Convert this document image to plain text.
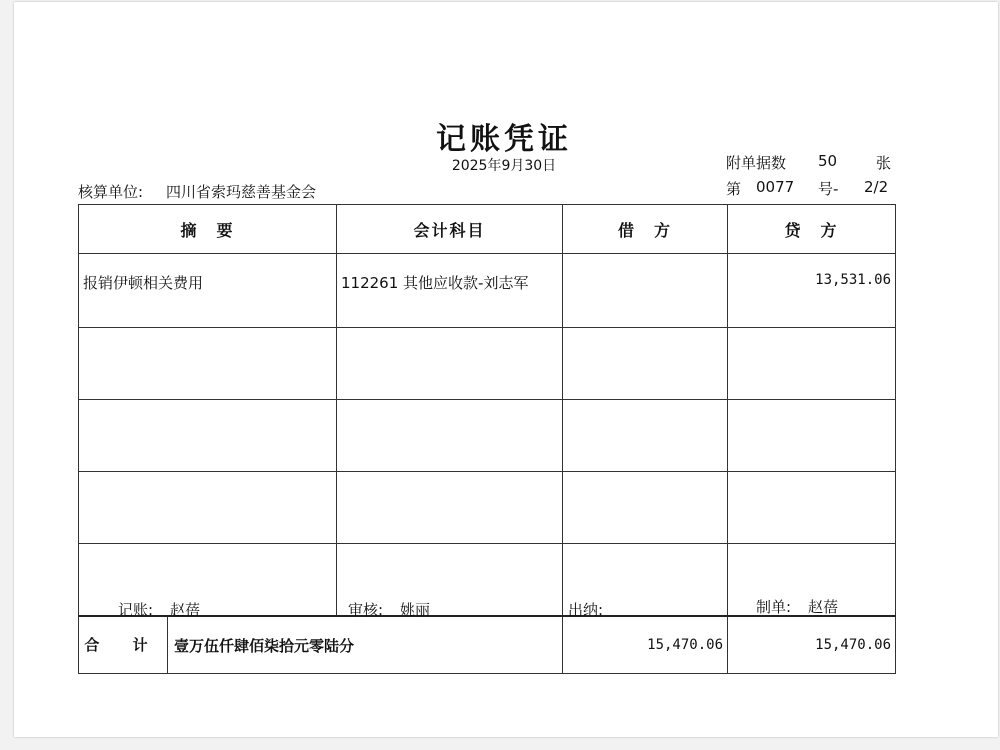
记账凭证
2025年9月30日	附单据数 50	张
核算单位: 四川省索玛慈善基金会	第 0077 号- 2/2
摘　要	会计科目	借　方	贷　方
报销伊顿相关费用	112261 其他应收款-刘志军		13,531.06

合 计 壹万伍仟肆佰柒拾元零陆分		15,470.06	15,470.06
记账: 赵蓓	审核: 姚丽	出纳:	制单: 赵蓓
